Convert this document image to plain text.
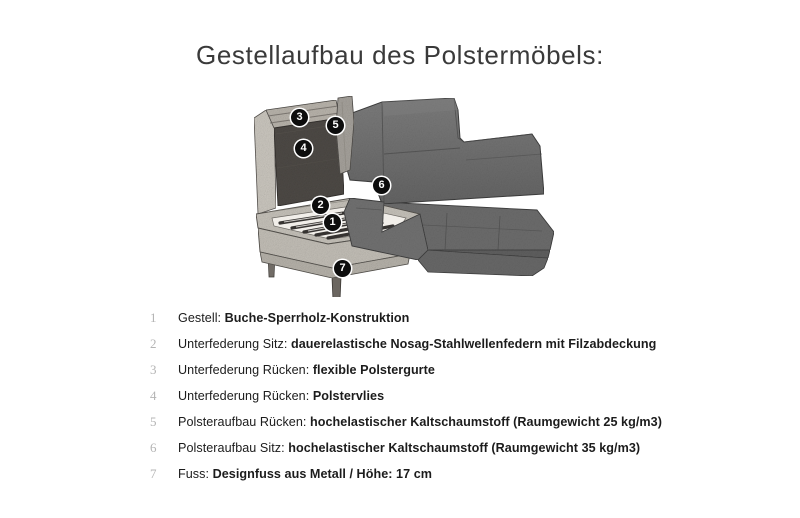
Gestellaufbau des Polstermöbels:
1
2
3
4
5
6
7
1	Gestell: Buche-Sperrholz-Konstruktion
2	Unterfederung Sitz: dauerelastische Nosag-Stahlwellenfedern mit Filzabdeckung
3	Unterfederung Rücken: flexible Polstergurte
4	Unterfederung Rücken: Polstervlies
5	Polsteraufbau Rücken: hochelastischer Kaltschaumstoff (Raumgewicht 25 kg/m3)
6	Polsteraufbau Sitz: hochelastischer Kaltschaumstoff (Raumgewicht 35 kg/m3)
7	Fuss: Designfuss aus Metall / Höhe: 17 cm
